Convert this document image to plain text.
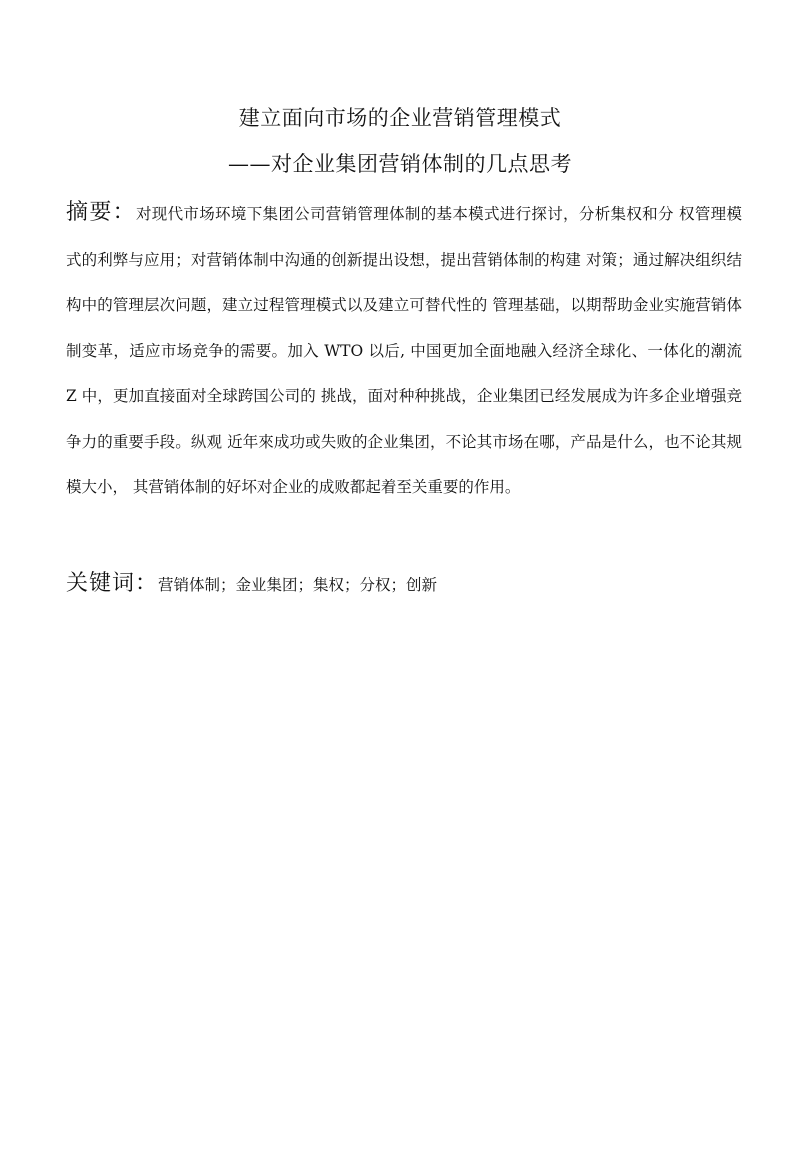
建立面向市场的企业营销管理模式
——对企业集团营销体制的几点思考
摘要：对现代市场环境下集团公司营销管理体制的基本模式进行探讨，分析集权和分 权管理模式的利弊与应用；对营销体制中沟通的创新提出设想，提出营销体制的构建 对策；通过解决组织结构中的管理层次问题，建立过程管理模式以及建立可替代性的 管理基础，以期帮助金业实施营销体制变革，适应市场竞争的需要。加入 WTO 以后, 中国更加全面地融入经济全球化、一体化的潮流 Z 中，更加直接面对全球跨国公司的 挑战，面对种种挑战，企业集团已经发展成为许多企业增强竞争力的重要手段。纵观 近年來成功或失败的企业集团，不论其市场在哪，产品是什么，也不论其规模大小， 其营销体制的好坏对企业的成败都起着至关重要的作用。
关键词：营销体制；金业集团；集权；分权；创新
